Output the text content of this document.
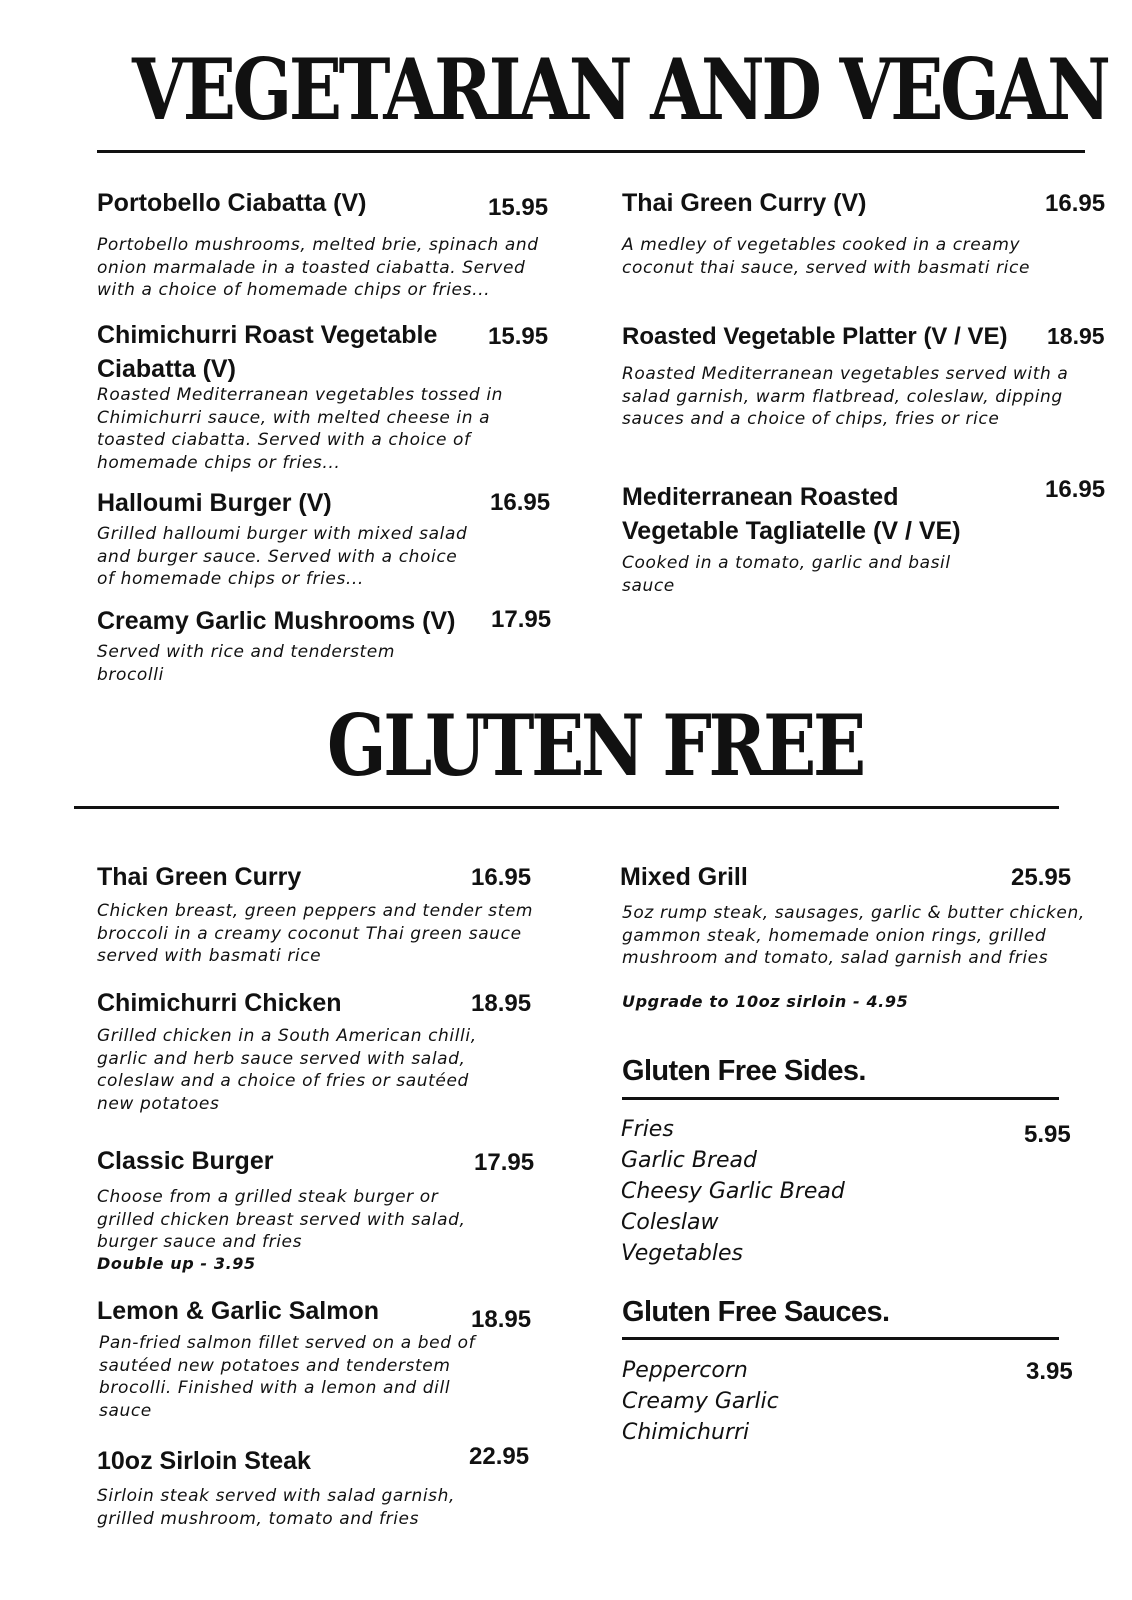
VEGETARIAN AND VEGAN
Portobello Ciabatta (V)	15.95
Portobello mushrooms, melted brie, spinach and onion marmalade in a toasted ciabatta. Served with a choice of homemade chips or fries...
Chimichurri Roast Vegetable Ciabatta (V)
15.95
Roasted Mediterranean vegetables tossed in Chimichurri sauce, with melted cheese in a toasted ciabatta. Served with a choice of homemade chips or fries...
Halloumi Burger (V)	16.95
Grilled halloumi burger with mixed salad and burger sauce. Served with a choice of homemade chips or fries...
Creamy Garlic Mushrooms (V) 17.95
Served with rice and tenderstem brocolli
Thai Green Curry (V)	16.95
A medley of vegetables cooked in a creamy coconut thai sauce, served with basmati rice
Roasted Vegetable Platter (V / VE) 18.95
Roasted Mediterranean vegetables served with a salad garnish, warm flatbread, coleslaw, dipping sauces and a choice of chips, fries or rice
Mediterranean Roasted Vegetable Tagliatelle (V / VE)
16.95
Cooked in a tomato, garlic and basil sauce
GLUTEN FREE
Thai Green Curry	16.95
Chicken breast, green peppers and tender stem broccoli in a creamy coconut Thai green sauce served with basmati rice
Chimichurri Chicken	18.95
Grilled chicken in a South American chilli, garlic and herb sauce served with salad, coleslaw and a choice of fries or sautéed new potatoes
Classic Burger	17.95
Choose from a grilled steak burger or grilled chicken breast served with salad, burger sauce and fries
Double up - 3.95
Lemon & Garlic Salmon	18.95
Pan-fried salmon fillet served on a bed of sautéed new potatoes and tenderstem brocolli. Finished with a lemon and dill sauce
10oz Sirloin Steak	22.95
Sirloin steak served with salad garnish, grilled mushroom, tomato and fries
Mixed Grill	25.95
5oz rump steak, sausages, garlic & butter chicken, gammon steak, homemade onion rings, grilled mushroom and tomato, salad garnish and fries
Upgrade to 10oz sirloin - 4.95
Gluten Free Sides.
Fries
Garlic Bread
Cheesy Garlic Bread
Coleslaw
Vegetables
5.95
Gluten Free Sauces.
Peppercorn
Creamy Garlic
Chimichurri
3.95
